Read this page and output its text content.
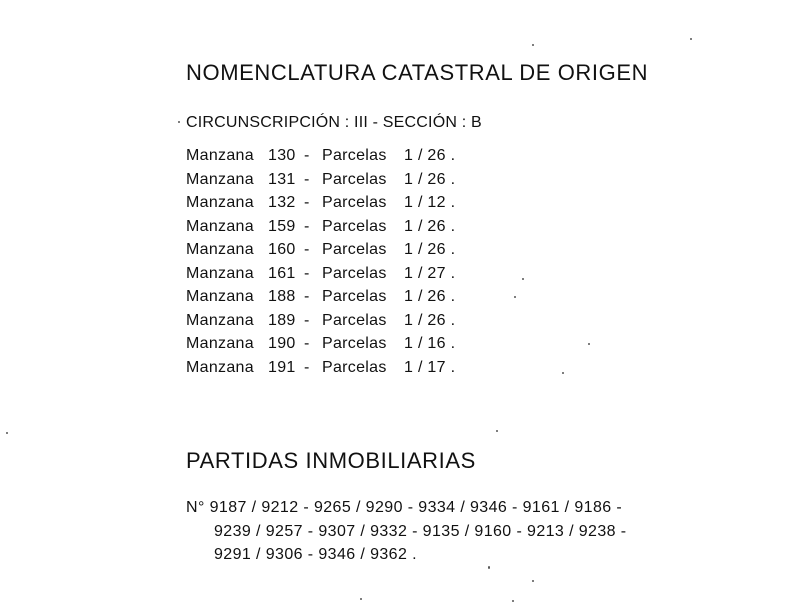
NOMENCLATURA CATASTRAL DE ORIGEN
CIRCUNSCRIPCIÓN : III - SECCIÓN : B
Manzana 130 - Parcelas 1 / 26 .
Manzana 131 - Parcelas 1 / 26 .
Manzana 132 - Parcelas 1 / 12 .
Manzana 159 - Parcelas 1 / 26 .
Manzana 160 - Parcelas 1 / 26 .
Manzana 161 - Parcelas 1 / 27 .
Manzana 188 - Parcelas 1 / 26 .
Manzana 189 - Parcelas 1 / 26 .
Manzana 190 - Parcelas 1 / 16 .
Manzana 191 - Parcelas 1 / 17 .
PARTIDAS INMOBILIARIAS
N° 9187 / 9212 - 9265 / 9290 - 9334 / 9346 - 9161 / 9186 -
9239 / 9257 - 9307 / 9332 - 9135 / 9160 - 9213 / 9238 -
9291 / 9306 - 9346 / 9362 .
